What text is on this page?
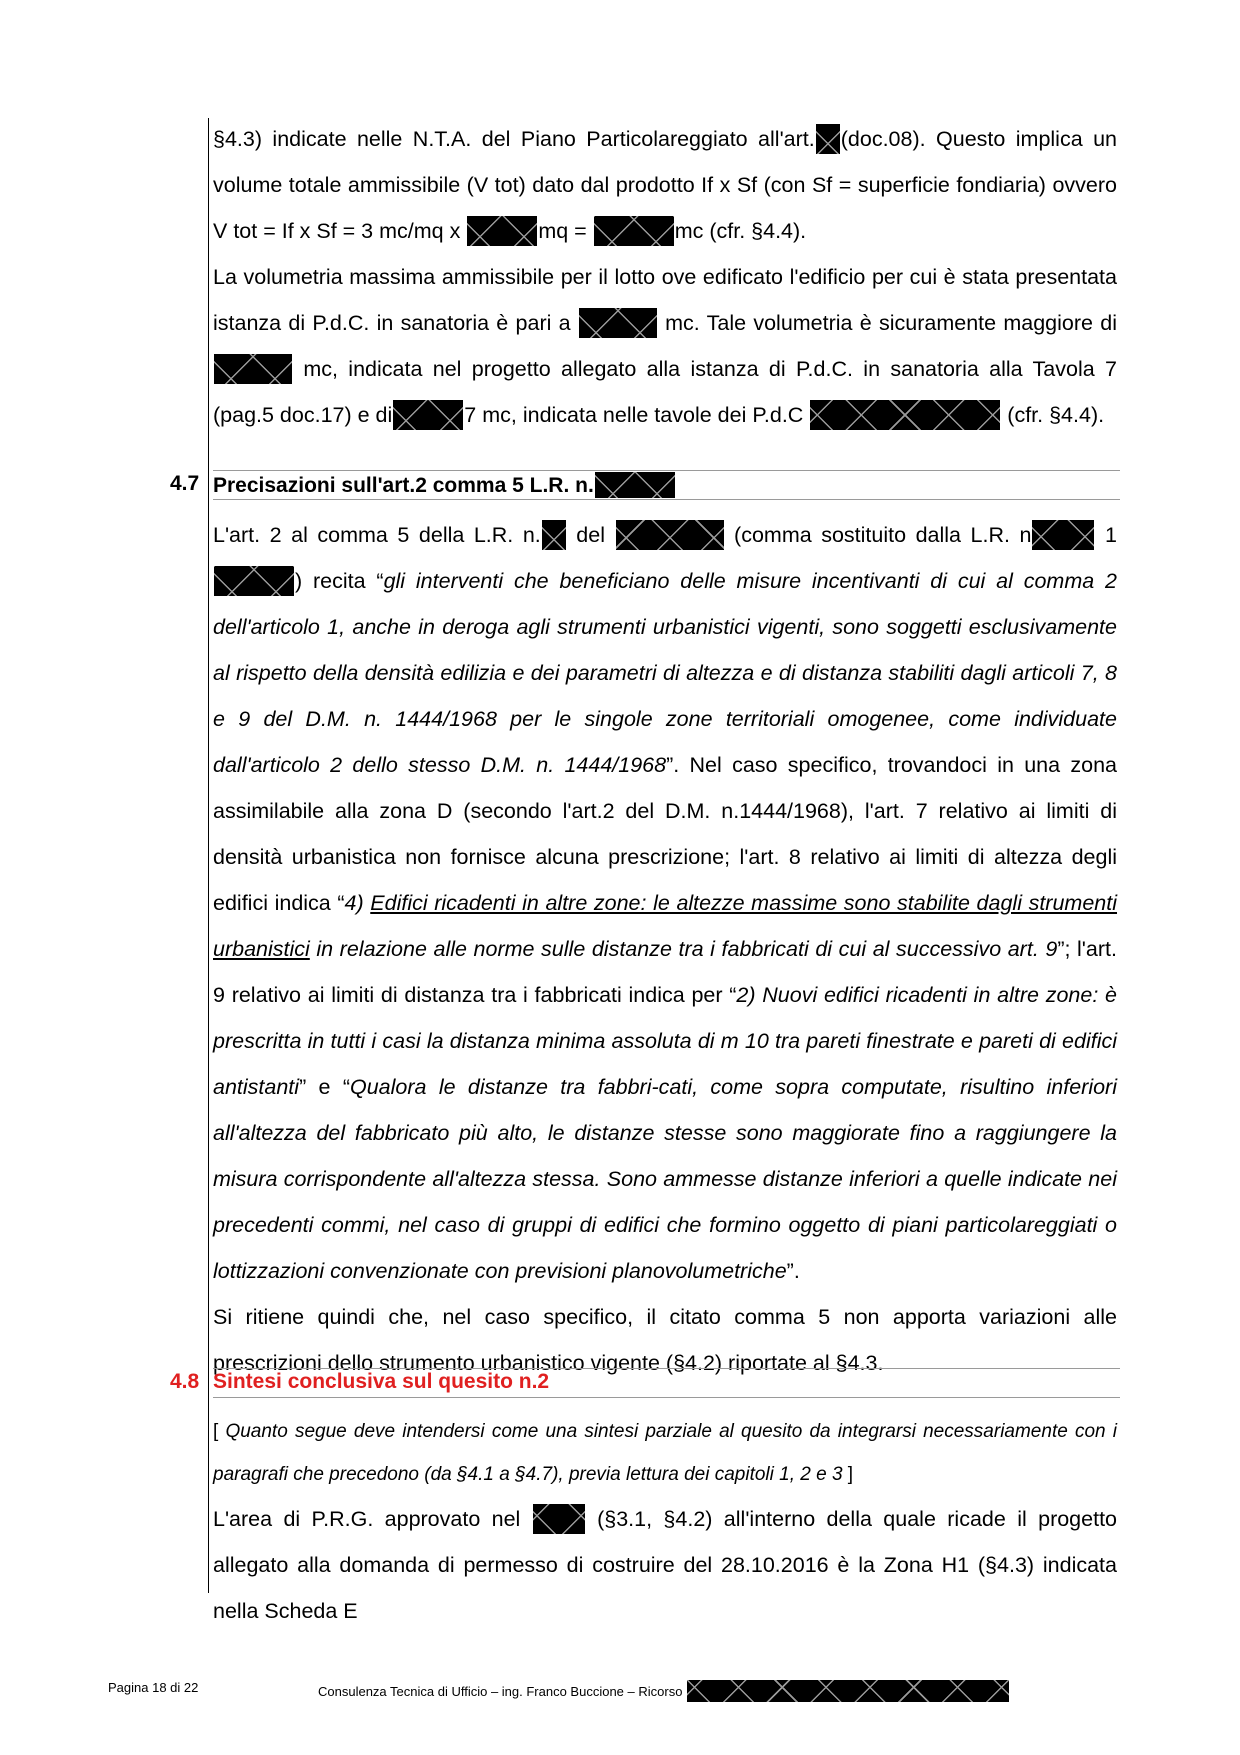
§4.3) indicate nelle N.T.A. del Piano Particolareggiato all'art. (doc.08). Questo implica un volume totale ammissibile (V tot) dato dal prodotto If x Sf (con Sf = superficie fondiaria) ovvero V tot = If x Sf = 3 mc/mq x	mq =	mc (cfr. §4.4).

La volumetria massima ammissibile per il lotto ove edificato l'edificio per cui è stata presentata istanza di P.d.C. in sanatoria è pari a	mc. Tale volumetria è sicuramente maggiore di  mc, indicata nel progetto allegato alla istanza di P.d.C. in sanatoria alla Tavola 7 (pag.5 doc.17) e di	7 mc, indicata nelle tavole dei P.d.C	(cfr. §4.4).

4.7 Precisazioni sull'art.2 comma 5 L.R. n.

L'art. 2 al comma 5 della L.R. n. del	(comma sostituito dalla L.R. n	1) recita “gli interventi che beneficiano delle misure incentivanti di cui al comma 2 dell'articolo 1, anche in deroga agli strumenti urbanistici vigenti, sono soggetti esclusivamente al rispetto della densità edilizia e dei parametri di altezza e di distanza stabiliti dagli articoli 7, 8 e 9 del D.M. n. 1444/1968 per le singole zone territoriali omogenee, come individuate dall'articolo 2 dello stesso D.M. n. 1444/1968”. Nel caso specifico, trovandoci in una zona assimilabile alla zona D (secondo l'art.2 del D.M. n.1444/1968), l'art. 7 relativo ai limiti di densità urbanistica non fornisce alcuna prescrizione; l'art. 8 relativo ai limiti di altezza degli edifici indica “4) Edifici ricadenti in altre zone: le altezze massime sono stabilite dagli strumenti urbanistici in relazione alle norme sulle distanze tra i fabbricati di cui al successivo art. 9”; l'art. 9 relativo ai limiti di distanza tra i fabbricati indica per “2) Nuovi edifici ricadenti in altre zone: è prescritta in tutti i casi la distanza minima assoluta di m 10 tra pareti finestrate e pareti di edifici antistanti” e “Qualora le distanze tra fabbri-cati, come sopra computate, risultino inferiori all'altezza del fabbricato più alto, le distanze stesse sono maggiorate fino a raggiungere la misura corrispondente all'altezza stessa. Sono ammesse distanze inferiori a quelle indicate nei precedenti commi, nel caso di gruppi di edifici che formino oggetto di piani particolareggiati o lottizzazioni convenzionate con previsioni planovolumetriche”.

Si ritiene quindi che, nel caso specifico, il citato comma 5 non apporta variazioni alle prescrizioni dello strumento urbanistico vigente (§4.2) riportate al §4.3.

4.8 Sintesi conclusiva sul quesito n.2

[ Quanto segue deve intendersi come una sintesi parziale al quesito da integrarsi necessariamente con i paragrafi che precedono (da §4.1 a §4.7), previa lettura dei capitoli 1, 2 e 3 ]

L'area di P.R.G. approvato nel	(§3.1, §4.2) all'interno della quale ricade il progetto allegato alla domanda di permesso di costruire del 28.10.2016 è la Zona H1 (§4.3) indicata nella Scheda E

Pagina 18 di 22	Consulenza Tecnica di Ufficio – ing. Franco Buccione – Ricorso
